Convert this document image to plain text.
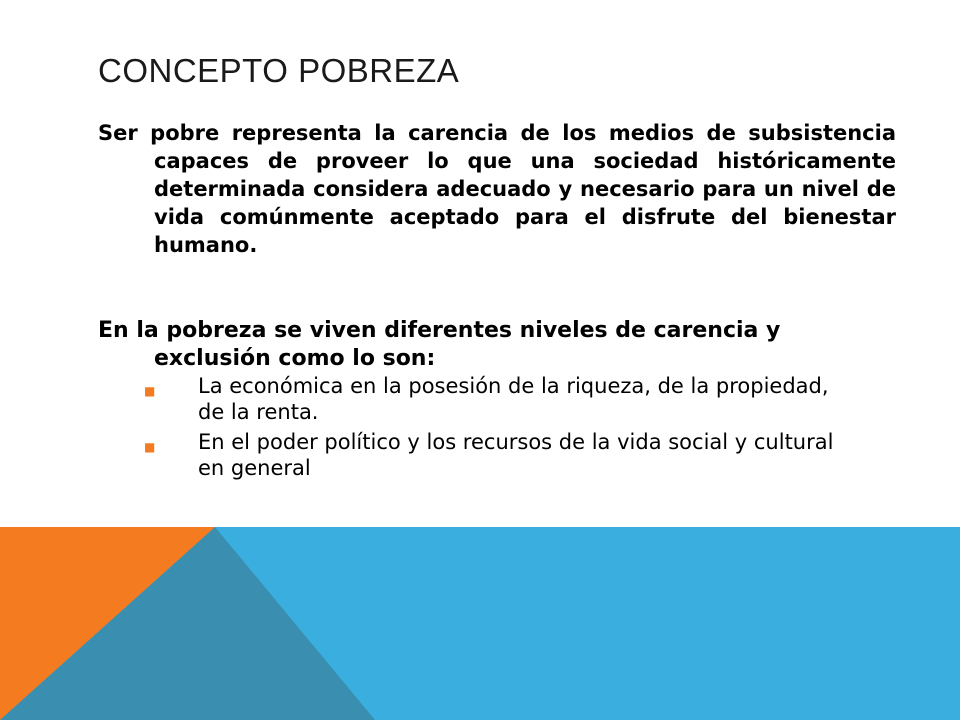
CONCEPTO POBREZA
Ser pobre representa la carencia de los medios de subsistencia capaces de proveer lo que una sociedad históricamente determinada considera adecuado y necesario para un nivel de vida comúnmente aceptado para el disfrute del bienestar humano.
En la pobreza se viven diferentes niveles de carencia y exclusión como lo son:
■ La económica en la posesión de la riqueza, de la propiedad, de la renta.
■ En el poder político y los recursos de la vida social y cultural en general
